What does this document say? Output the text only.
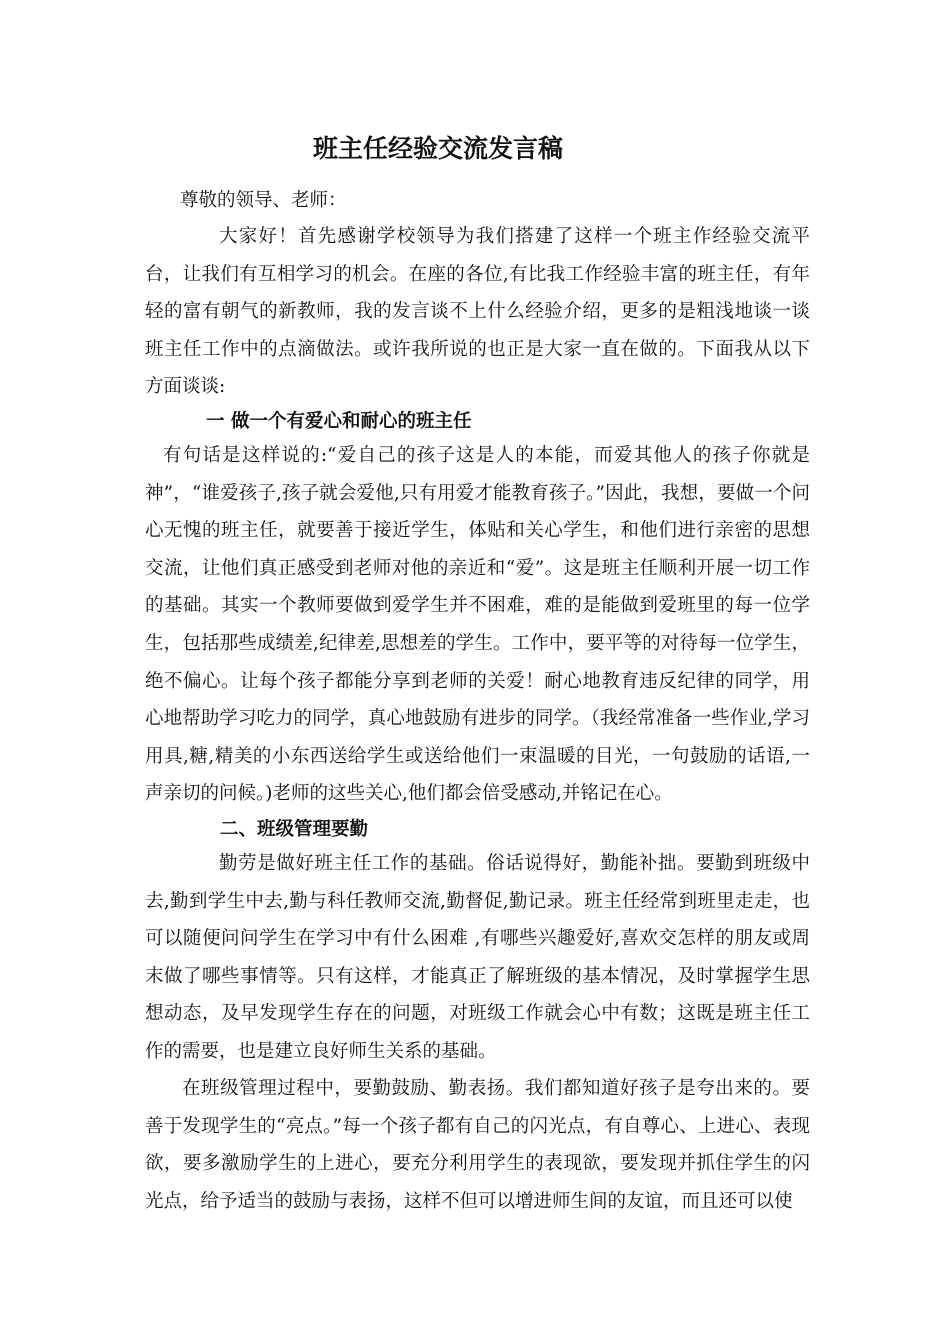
班主任经验交流发言稿
尊敬的领导、老师：

大家好！首先感谢学校领导为我们搭建了这样一个班主作经验交流平台，让我们有互相学习的机会。在座的各位,有比我工作经验丰富的班主任，有年轻的富有朝气的新教师，我的发言谈不上什么经验介绍，更多的是粗浅地谈一谈班主任工作中的点滴做法。或许我所说的也正是大家一直在做的。下面我从以下方面谈谈:

一 做一个有爱心和耐心的班主任

有句话是这样说的:“爱自己的孩子这是人的本能，而爱其他人的孩子你就是神”，“谁爱孩子,孩子就会爱他,只有用爱才能教育孩子。”因此，我想，要做一个问心无愧的班主任，就要善于接近学生，体贴和关心学生，和他们进行亲密的思想交流，让他们真正感受到老师对他的亲近和“爱”。这是班主任顺利开展一切工作的基础。其实一个教师要做到爱学生并不困难，难的是能做到爱班里的每一位学生，包括那些成绩差,纪律差,思想差的学生。工作中，要平等的对待每一位学生，绝不偏心。让每个孩子都能分享到老师的关爱！耐心地教育违反纪律的同学，用心地帮助学习吃力的同学，真心地鼓励有进步的同学。（我经常准备一些作业,学习用具,糖,精美的小东西送给学生或送给他们一束温暖的目光，一句鼓励的话语,一声亲切的问候。)老师的这些关心,他们都会倍受感动,并铭记在心。

二、班级管理要勤

勤劳是做好班主任工作的基础。俗话说得好，勤能补拙。要勤到班级中去,勤到学生中去,勤与科任教师交流,勤督促,勤记录。班主任经常到班里走走，也可以随便问问学生在学习中有什么困难 ,有哪些兴趣爱好,喜欢交怎样的朋友或周末做了哪些事情等。只有这样，才能真正了解班级的基本情况，及时掌握学生思想动态，及早发现学生存在的问题，对班级工作就会心中有数；这既是班主任工作的需要，也是建立良好师生关系的基础。

在班级管理过程中，要勤鼓励、勤表扬。我们都知道好孩子是夸出来的。要善于发现学生的“亮点。”每一个孩子都有自己的闪光点，有自尊心、上进心、表现欲，要多激励学生的上进心，要充分利用学生的表现欲，要发现并抓住学生的闪光点，给予适当的鼓励与表扬，这样不但可以增进师生间的友谊，而且还可以使
